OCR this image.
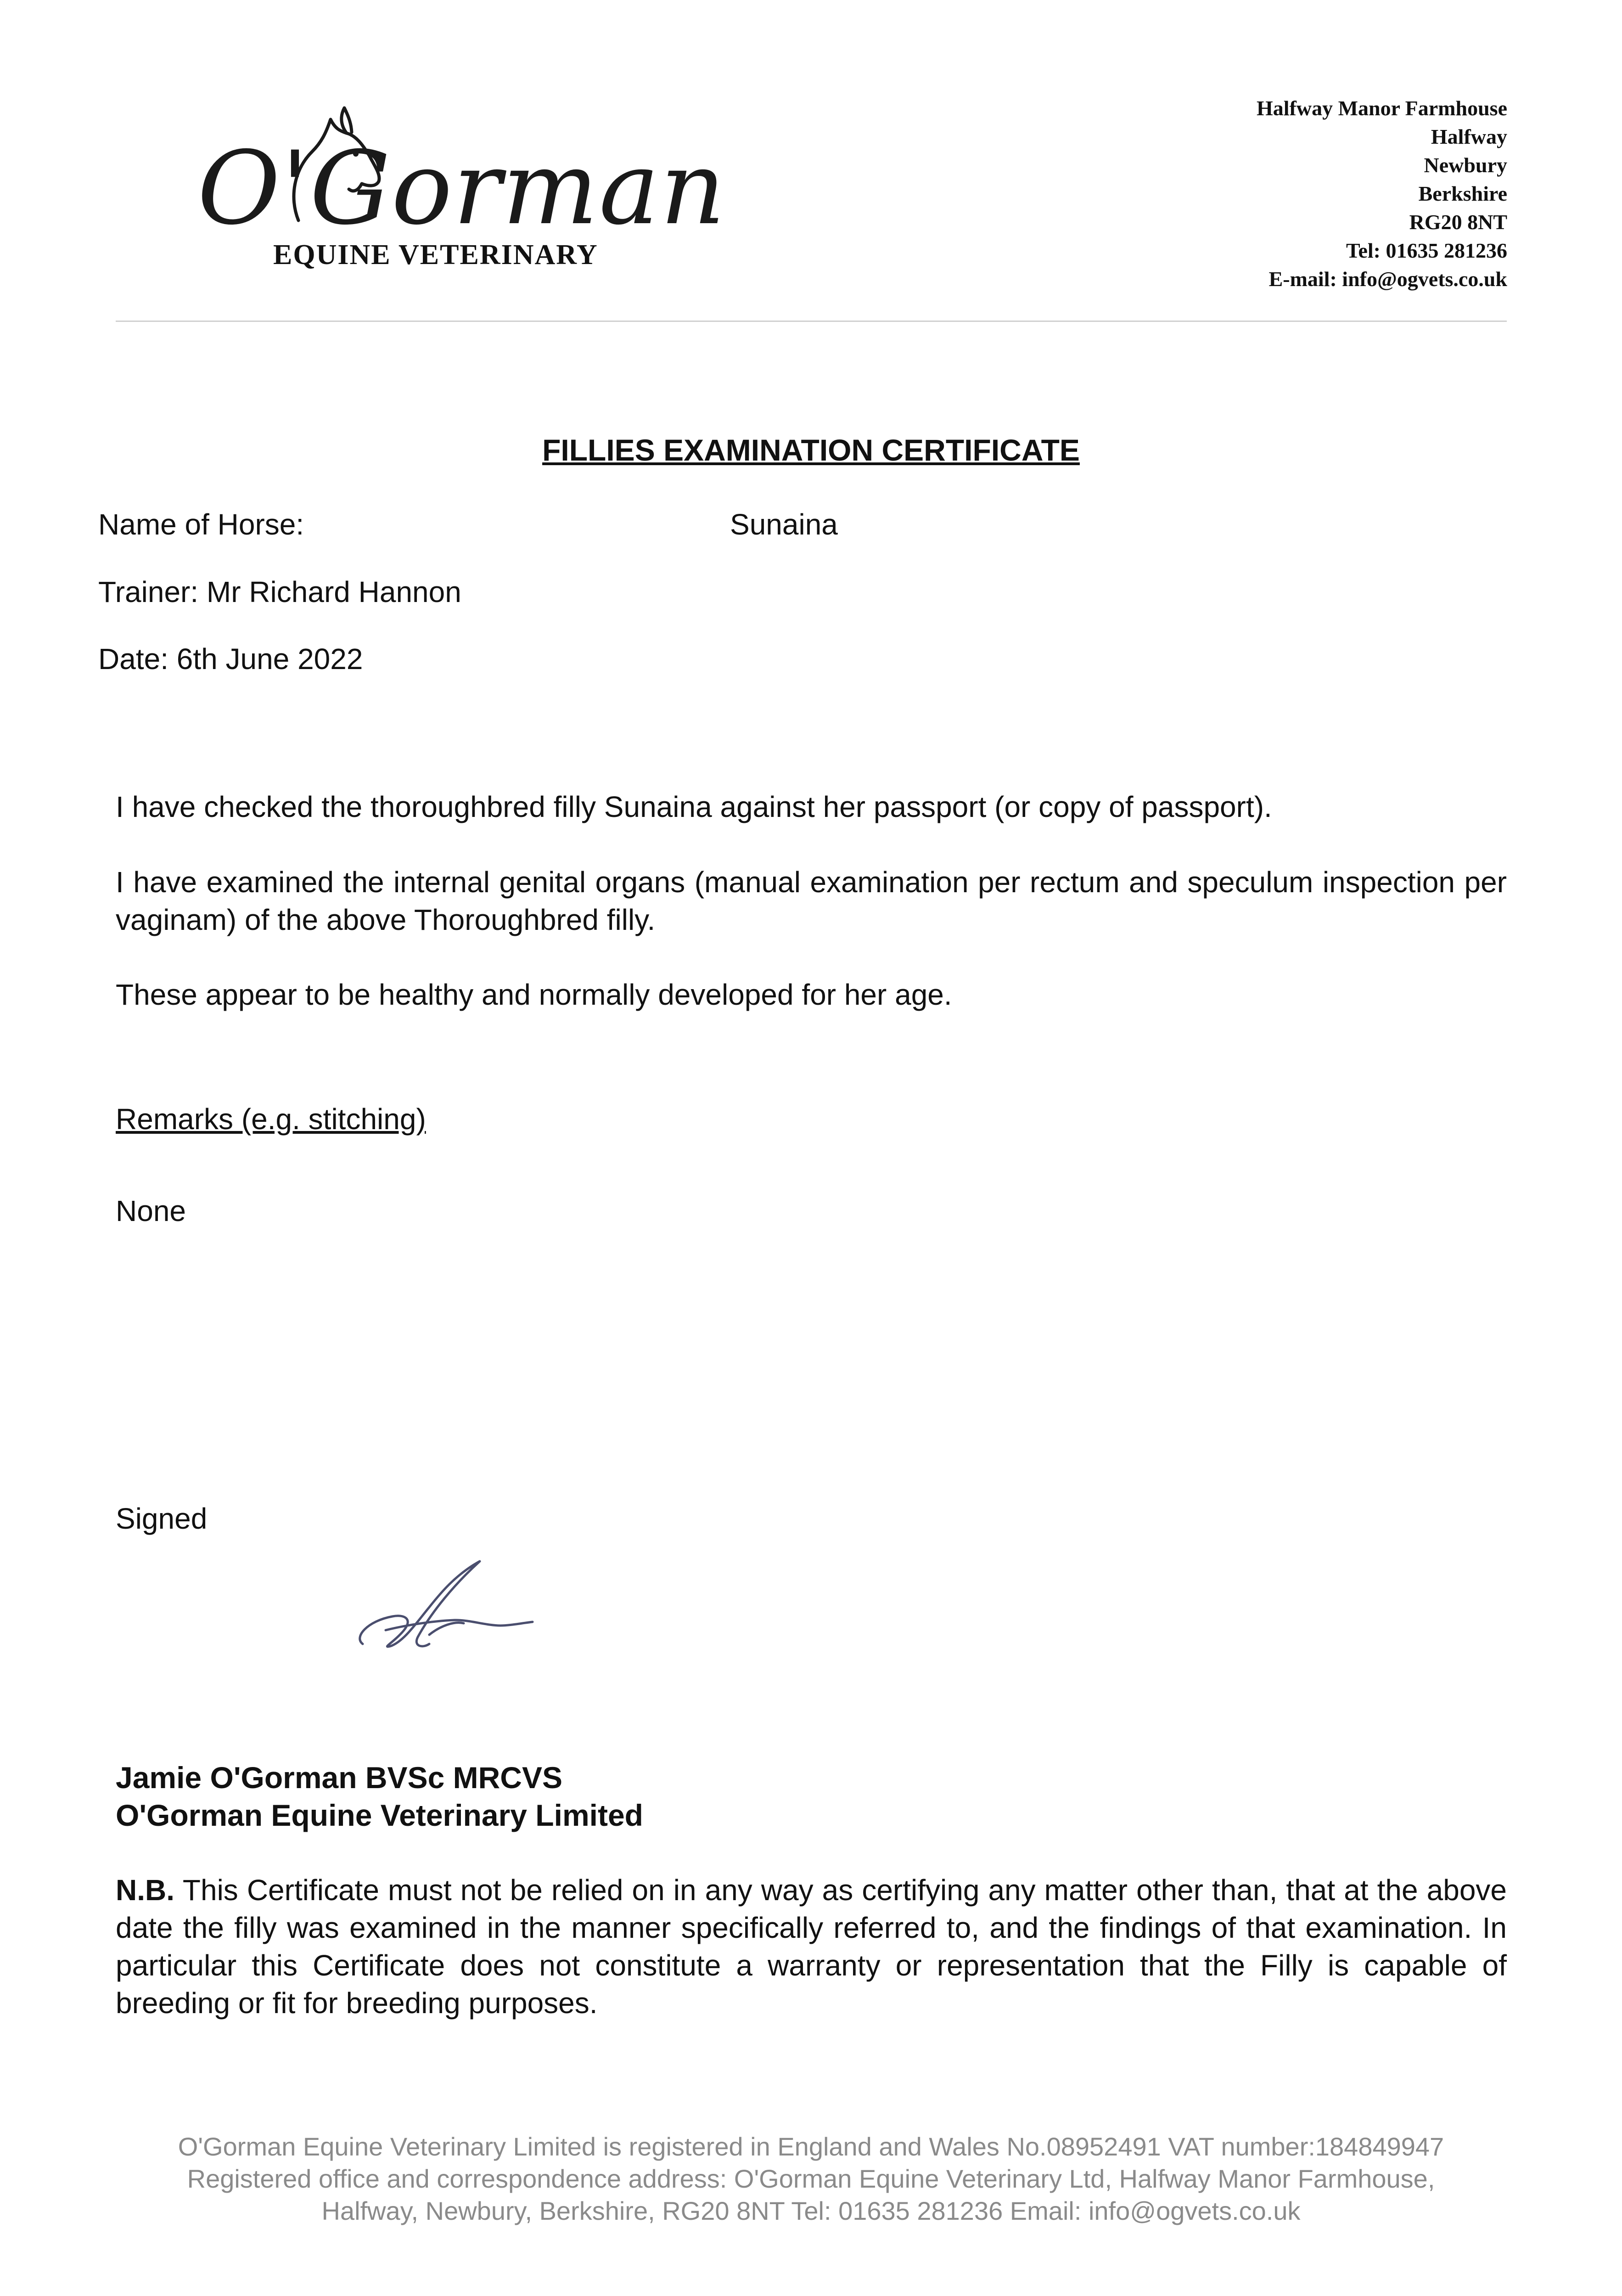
O'Gorman
EQUINE VETERINARY
Halfway Manor Farmhouse
Halfway
Newbury
Berkshire
RG20 8NT
Tel: 01635 281236
E-mail: info@ogvets.co.uk
FILLIES EXAMINATION CERTIFICATE
Name of Horse:	Sunaina
Trainer: Mr Richard Hannon
Date: 6th June 2022
I have checked the thoroughbred filly Sunaina against her passport (or copy of passport).
I have examined the internal genital organs (manual examination per rectum and speculum inspection per vaginam) of the above Thoroughbred filly.
These appear to be healthy and normally developed for her age.
Remarks (e.g. stitching)
None
Signed
Jamie O'Gorman BVSc MRCVS
O'Gorman Equine Veterinary Limited
N.B. This Certificate must not be relied on in any way as certifying any matter other than, that at the above date the filly was examined in the manner specifically referred to, and the findings of that examination. In particular this Certificate does not constitute a warranty or representation that the Filly is capable of breeding or fit for breeding purposes.
O'Gorman Equine Veterinary Limited is registered in England and Wales No.08952491 VAT number:184849947
Registered office and correspondence address: O'Gorman Equine Veterinary Ltd, Halfway Manor Farmhouse,
Halfway, Newbury, Berkshire, RG20 8NT Tel: 01635 281236 Email: info@ogvets.co.uk
